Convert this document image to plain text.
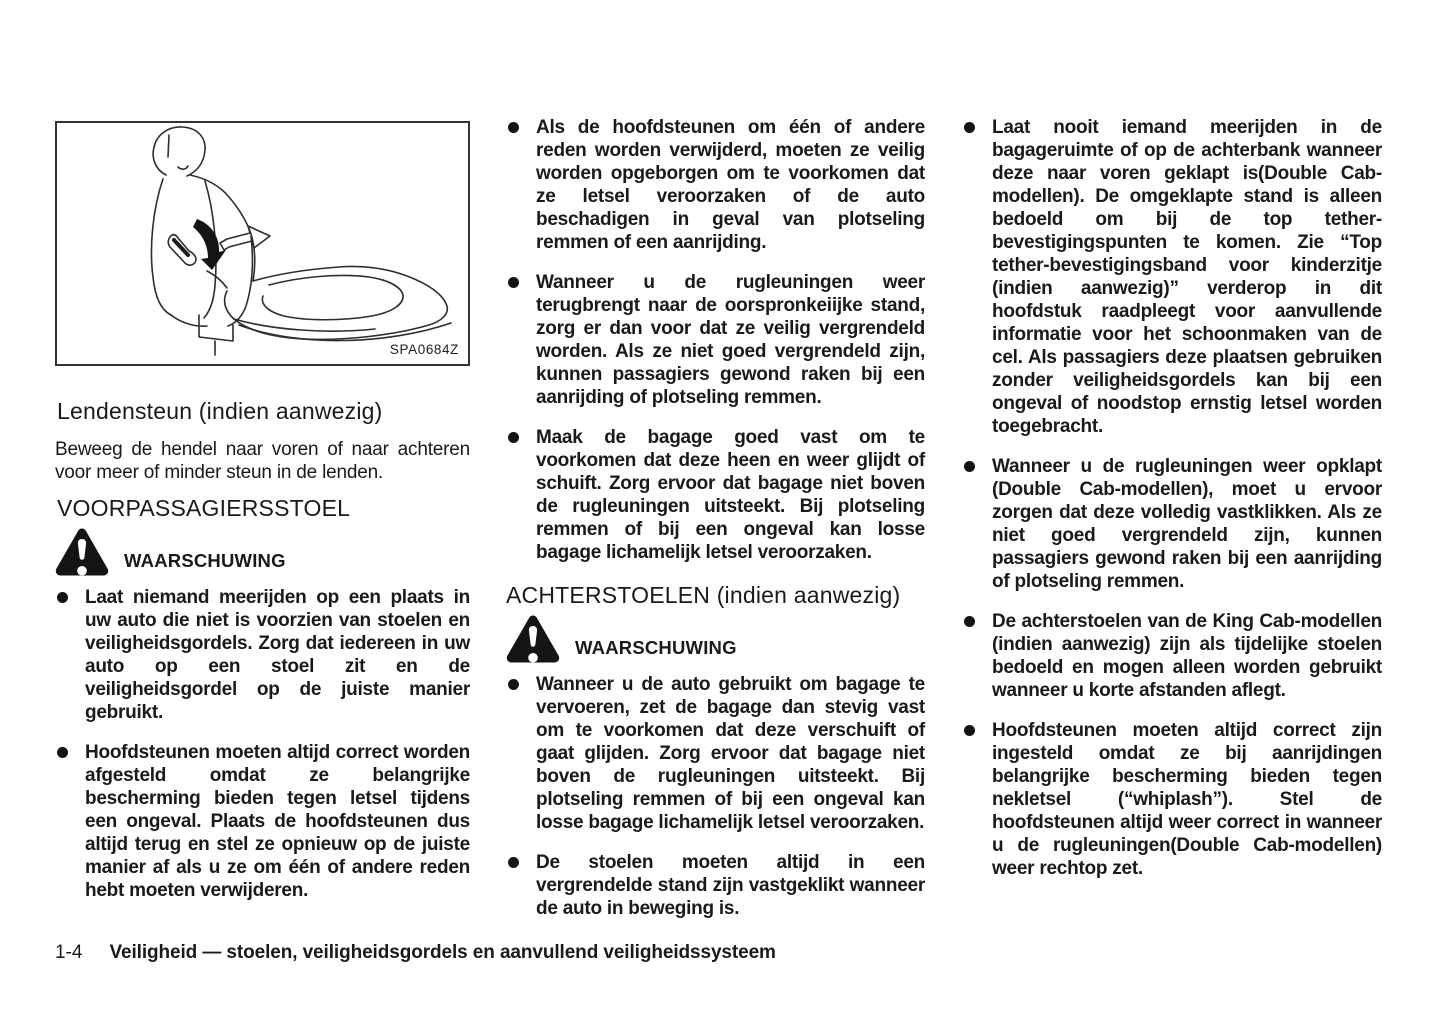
SPA0684Z
Lendensteun (indien aanwezig)

Beweeg de hendel naar voren of naar achteren voor meer of minder steun in de lenden.

VOORPASSAGIERSSTOEL
WAARSCHUWING
Laat niemand meerijden op een plaats in uw auto die niet is voorzien van stoelen en veiligheidsgordels. Zorg dat iedereen in uw auto op een stoel zit en de veiligheidsgordel op de juiste manier gebruikt.
Hoofdsteunen moeten altijd correct worden afgesteld omdat ze belangrijke bescherming bieden tegen letsel tijdens een ongeval. Plaats de hoofdsteunen dus altijd terug en stel ze opnieuw op de juiste manier af als u ze om één of andere reden hebt moeten verwijderen.
Als de hoofdsteunen om één of andere reden worden verwijderd, moeten ze veilig worden opgeborgen om te voorkomen dat ze letsel veroorzaken of de auto beschadigen in geval van plotseling remmen of een aanrijding.
Wanneer u de rugleuningen weer terugbrengt naar de oorspronkeiijke stand, zorg er dan voor dat ze veilig vergrendeld worden. Als ze niet goed vergrendeld zijn, kunnen passagiers gewond raken bij een aanrijding of plotseling remmen.
Maak de bagage goed vast om te voorkomen dat deze heen en weer glijdt of schuift. Zorg ervoor dat bagage niet boven de rugleuningen uitsteekt. Bij plotseling remmen of bij een ongeval kan losse bagage lichamelijk letsel veroorzaken.
ACHTERSTOELEN (indien aanwezig)
WAARSCHUWING
Wanneer u de auto gebruikt om bagage te vervoeren, zet de bagage dan stevig vast om te voorkomen dat deze verschuift of gaat glijden. Zorg ervoor dat bagage niet boven de rugleuningen uitsteekt. Bij plotseling remmen of bij een ongeval kan losse bagage lichamelijk letsel veroorzaken.
De stoelen moeten altijd in een vergrendelde stand zijn vastgeklikt wanneer de auto in beweging is.
Laat nooit iemand meerijden in de bagageruimte of op de achterbank wanneer deze naar voren geklapt is(Double Cab-modellen). De omgeklapte stand is alleen bedoeld om bij de top tether-bevestigingspunten te komen. Zie “Top tether-bevestigingsband voor kinderzitje (indien aanwezig)” verderop in dit hoofdstuk raadpleegt voor aanvullende informatie voor het schoonmaken van de cel. Als passagiers deze plaatsen gebruiken zonder veiligheidsgordels kan bij een ongeval of noodstop ernstig letsel worden toegebracht.
Wanneer u de rugleuningen weer opklapt (Double Cab-modellen), moet u ervoor zorgen dat deze volledig vastklikken. Als ze niet goed vergrendeld zijn, kunnen passagiers gewond raken bij een aanrijding of plotseling remmen.
De achterstoelen van de King Cab-modellen (indien aanwezig) zijn als tijdelijke stoelen bedoeld en mogen alleen worden gebruikt wanneer u korte afstanden aflegt.
Hoofdsteunen moeten altijd correct zijn ingesteld omdat ze bij aanrijdingen belangrijke bescherming bieden tegen nekletsel (“whiplash”). Stel de hoofdsteunen altijd weer correct in wanneer u de rugleuningen(Double Cab-modellen) weer rechtop zet.
1-4 Veiligheid — stoelen, veiligheidsgordels en aanvullend veiligheidssysteem
